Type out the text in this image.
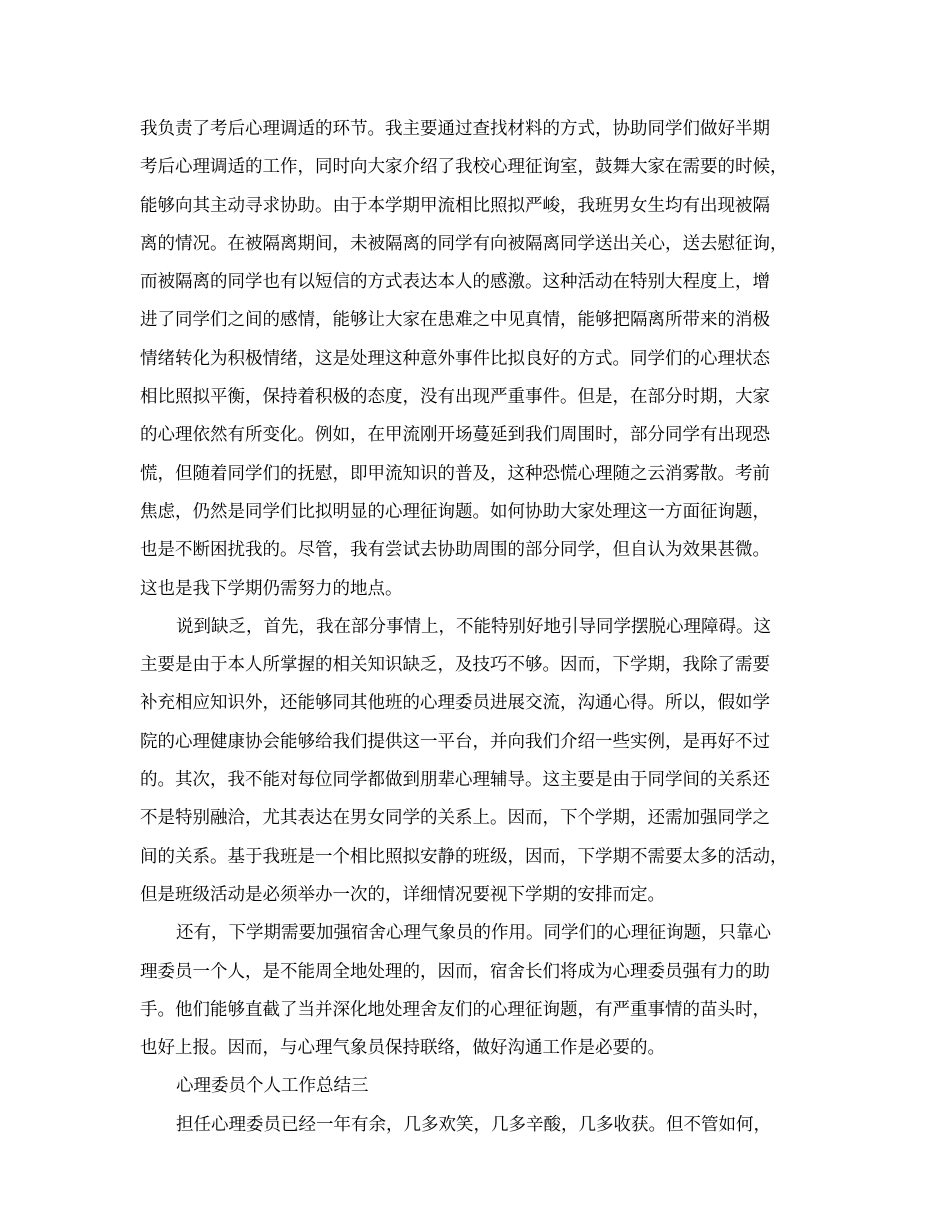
我负责了考后心理调适的环节。我主要通过查找材料的方式，协助同学们做好半期
考后心理调适的工作，同时向大家介绍了我校心理征询室，鼓舞大家在需要的时候，
能够向其主动寻求协助。由于本学期甲流相比照拟严峻，我班男女生均有出现被隔
离的情况。在被隔离期间，未被隔离的同学有向被隔离同学送出关心，送去慰征询，
而被隔离的同学也有以短信的方式表达本人的感激。这种活动在特别大程度上，增
进了同学们之间的感情，能够让大家在患难之中见真情，能够把隔离所带来的消极
情绪转化为积极情绪，这是处理这种意外事件比拟良好的方式。同学们的心理状态
相比照拟平衡，保持着积极的态度，没有出现严重事件。但是，在部分时期，大家
的心理依然有所变化。例如，在甲流刚开场蔓延到我们周围时，部分同学有出现恐
慌，但随着同学们的抚慰，即甲流知识的普及，这种恐慌心理随之云消雾散。考前
焦虑，仍然是同学们比拟明显的心理征询题。如何协助大家处理这一方面征询题，
也是不断困扰我的。尽管，我有尝试去协助周围的部分同学，但自认为效果甚微。
这也是我下学期仍需努力的地点。
说到缺乏，首先，我在部分事情上，不能特别好地引导同学摆脱心理障碍。这
主要是由于本人所掌握的相关知识缺乏，及技巧不够。因而，下学期，我除了需要
补充相应知识外，还能够同其他班的心理委员进展交流，沟通心得。所以，假如学
院的心理健康协会能够给我们提供这一平台，并向我们介绍一些实例，是再好不过
的。其次，我不能对每位同学都做到朋辈心理辅导。这主要是由于同学间的关系还
不是特别融洽，尤其表达在男女同学的关系上。因而，下个学期，还需加强同学之
间的关系。基于我班是一个相比照拟安静的班级，因而，下学期不需要太多的活动，
但是班级活动是必须举办一次的，详细情况要视下学期的安排而定。
还有，下学期需要加强宿舍心理气象员的作用。同学们的心理征询题，只靠心
理委员一个人，是不能周全地处理的，因而，宿舍长们将成为心理委员强有力的助
手。他们能够直截了当并深化地处理舍友们的心理征询题，有严重事情的苗头时，
也好上报。因而，与心理气象员保持联络，做好沟通工作是必要的。
心理委员个人工作总结三
担任心理委员已经一年有余，几多欢笑，几多辛酸，几多收获。但不管如何，
